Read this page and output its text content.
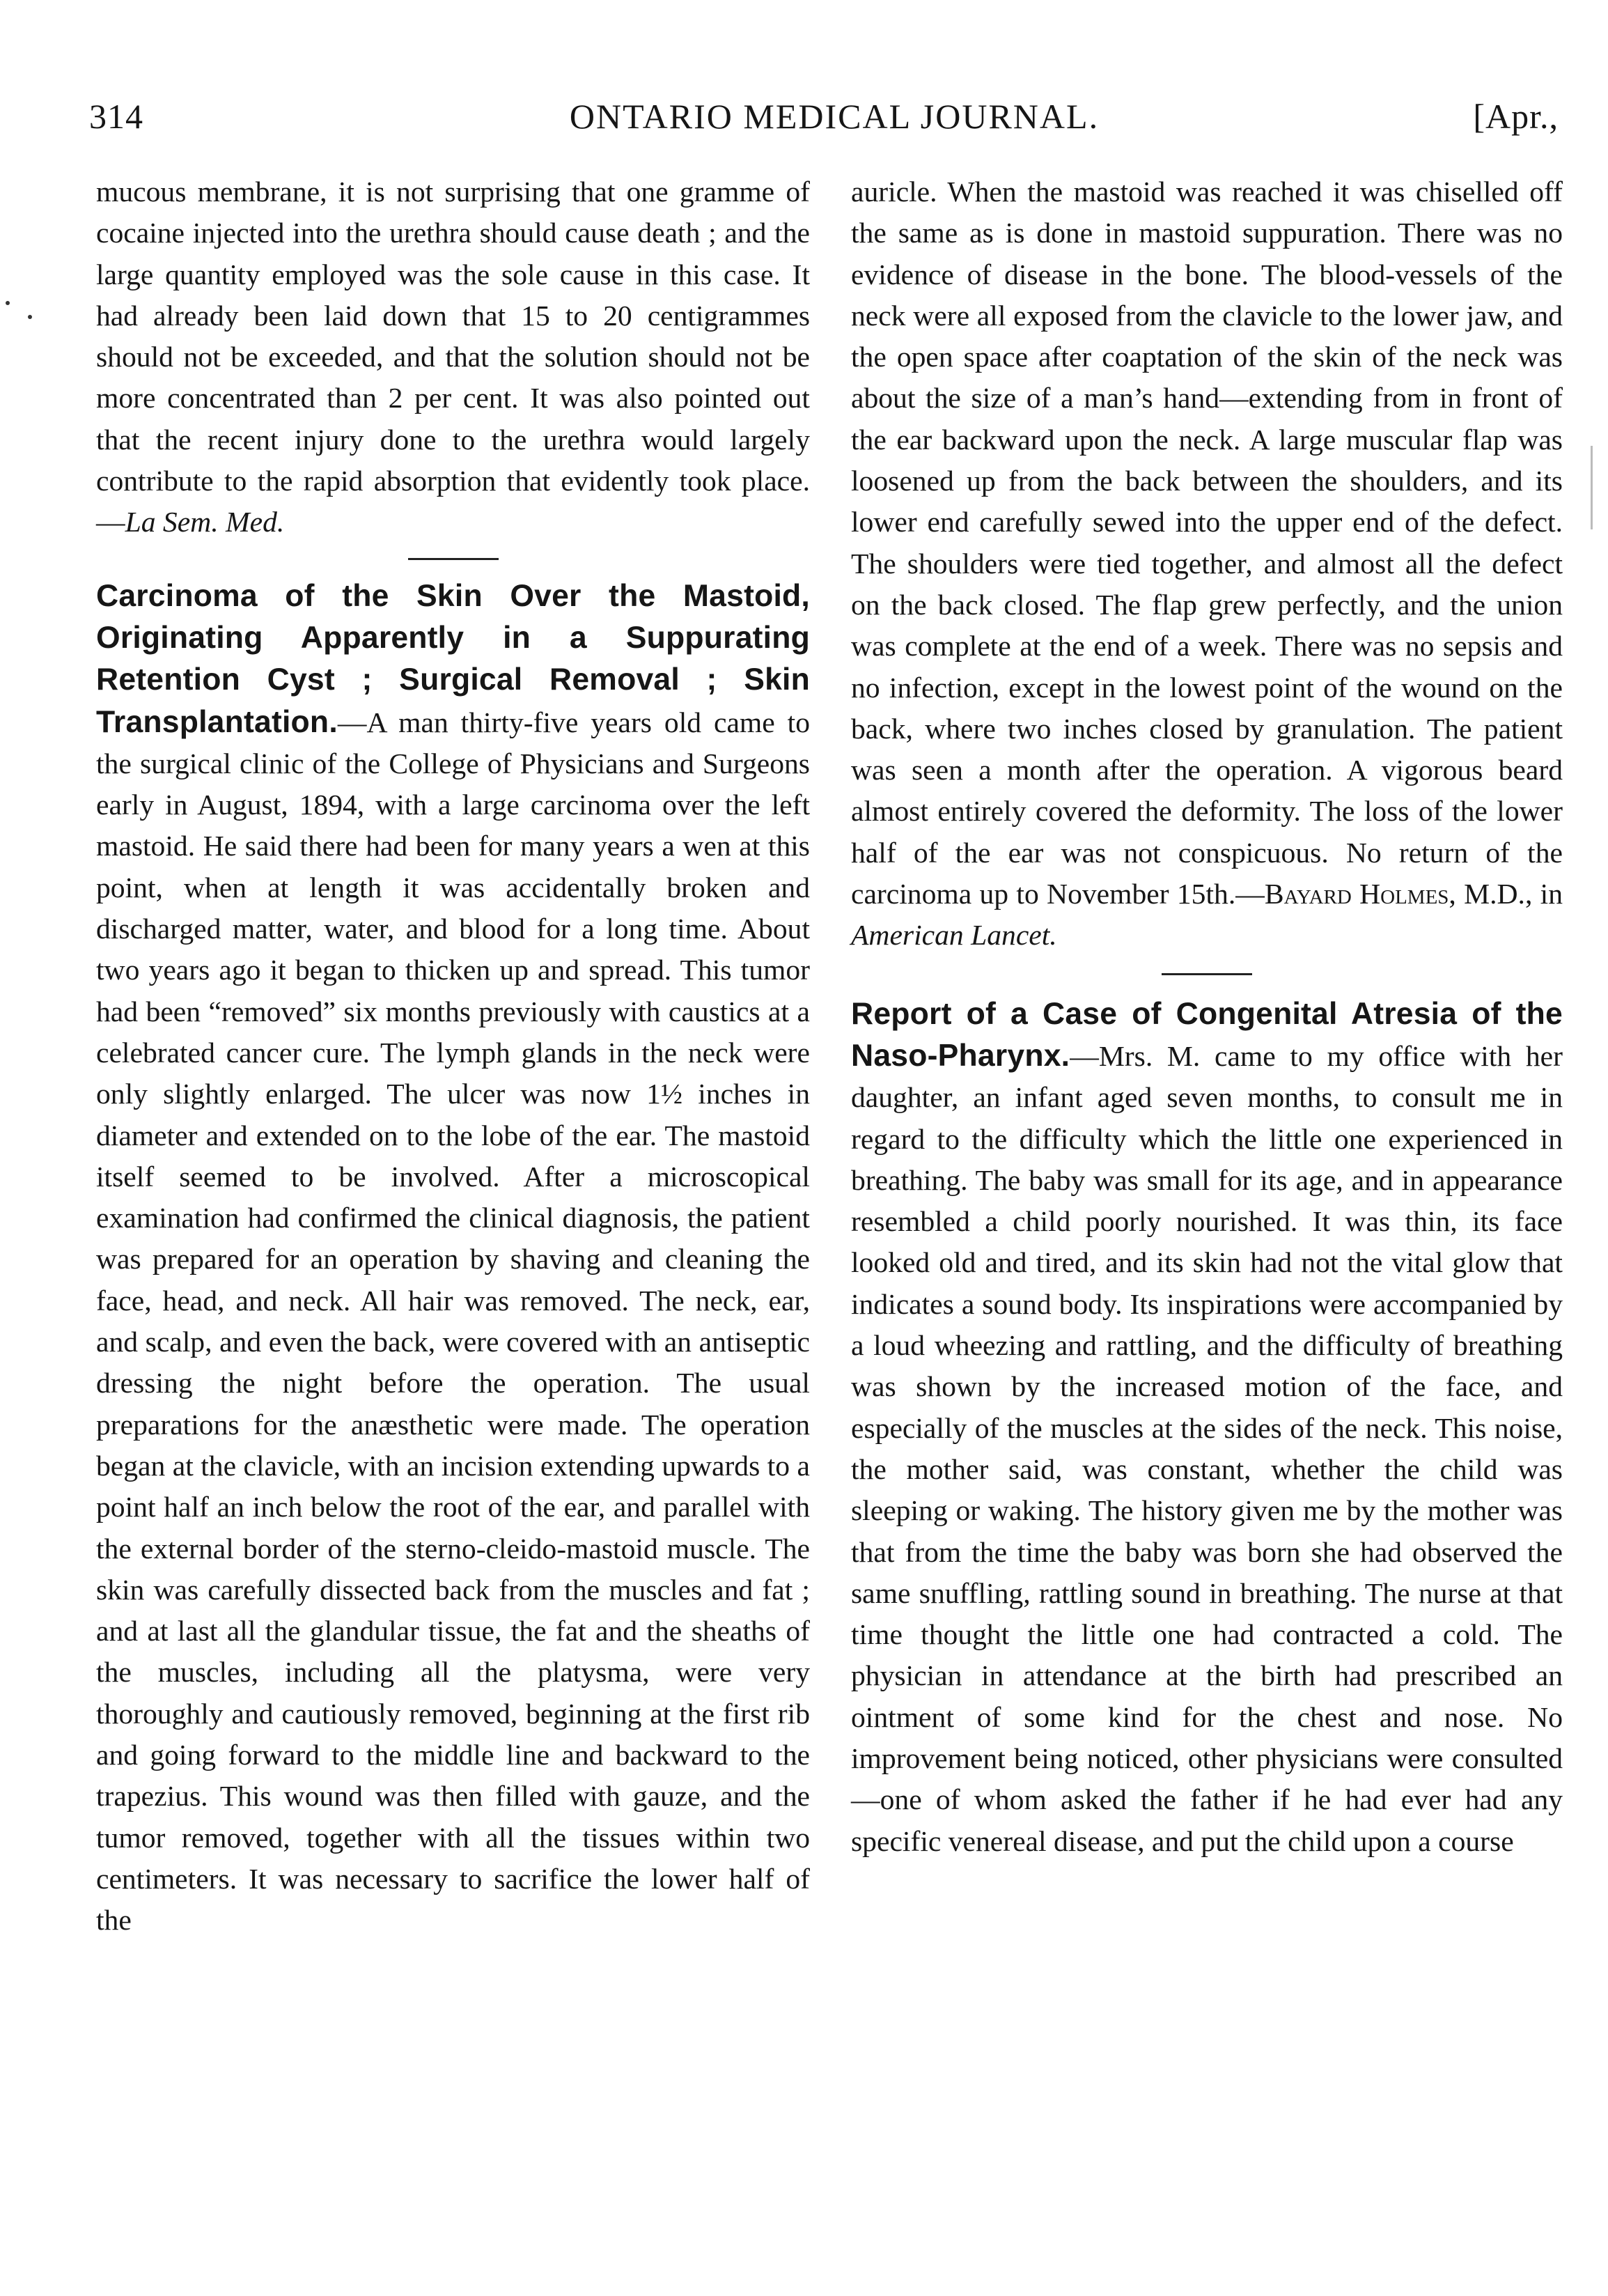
314	ONTARIO MEDICAL JOURNAL.	[Apr.,

mucous membrane, it is not surprising that one gramme of cocaine injected into the urethra should cause death ; and the large quantity employed was the sole cause in this case. It had already been laid down that 15 to 20 centigrammes should not be exceeded, and that the solution should not be more concentrated than 2 per cent. It was also pointed out that the recent injury done to the urethra would largely contribute to the rapid absorption that evidently took place.—La Sem. Med.

Carcinoma of the Skin Over the Mastoid, Originating Apparently in a Suppurating Retention Cyst ; Surgical Removal ; Skin Transplantation.—A man thirty-five years old came to the surgical clinic of the College of Physicians and Surgeons early in August, 1894, with a large carcinoma over the left mastoid. He said there had been for many years a wen at this point, when at length it was accidentally broken and discharged matter, water, and blood for a long time. About two years ago it began to thicken up and spread. This tumor had been “removed” six months previously with caustics at a celebrated cancer cure. The lymph glands in the neck were only slightly enlarged. The ulcer was now 1½ inches in diameter and extended on to the lobe of the ear. The mastoid itself seemed to be involved. After a microscopical examination had confirmed the clinical diagnosis, the patient was prepared for an operation by shaving and cleaning the face, head, and neck. All hair was removed. The neck, ear, and scalp, and even the back, were covered with an antiseptic dressing the night before the operation. The usual preparations for the anæsthetic were made. The operation began at the clavicle, with an incision extending upwards to a point half an inch below the root of the ear, and parallel with the external border of the sterno-cleido-mastoid muscle. The skin was carefully dissected back from the muscles and fat ; and at last all the glandular tissue, the fat and the sheaths of the muscles, including all the platysma, were very thoroughly and cautiously removed, beginning at the first rib and going forward to the middle line and backward to the trapezius. This wound was then filled with gauze, and the tumor removed, together with all the tissues within two centimeters. It was necessary to sacrifice the lower half of the

auricle. When the mastoid was reached it was chiselled off the same as is done in mastoid suppuration. There was no evidence of disease in the bone. The blood-vessels of the neck were all exposed from the clavicle to the lower jaw, and the open space after coaptation of the skin of the neck was about the size of a man’s hand—extending from in front of the ear backward upon the neck. A large muscular flap was loosened up from the back between the shoulders, and its lower end carefully sewed into the upper end of the defect. The shoulders were tied together, and almost all the defect on the back closed. The flap grew perfectly, and the union was complete at the end of a week. There was no sepsis and no infection, except in the lowest point of the wound on the back, where two inches closed by granulation. The patient was seen a month after the operation. A vigorous beard almost entirely covered the deformity. The loss of the lower half of the ear was not conspicuous. No return of the carcinoma up to November 15th.—Bayard Holmes, M.D., in American Lancet.

Report of a Case of Congenital Atresia of the Naso-Pharynx.—Mrs. M. came to my office with her daughter, an infant aged seven months, to consult me in regard to the difficulty which the little one experienced in breathing. The baby was small for its age, and in appearance resembled a child poorly nourished. It was thin, its face looked old and tired, and its skin had not the vital glow that indicates a sound body. Its inspirations were accompanied by a loud wheezing and rattling, and the difficulty of breathing was shown by the increased motion of the face, and especially of the muscles at the sides of the neck. This noise, the mother said, was constant, whether the child was sleeping or waking. The history given me by the mother was that from the time the baby was born she had observed the same snuffling, rattling sound in breathing. The nurse at that time thought the little one had contracted a cold. The physician in attendance at the birth had prescribed an ointment of some kind for the chest and nose. No improvement being noticed, other physicians were consulted—one of whom asked the father if he had ever had any specific venereal disease, and put the child upon a course
